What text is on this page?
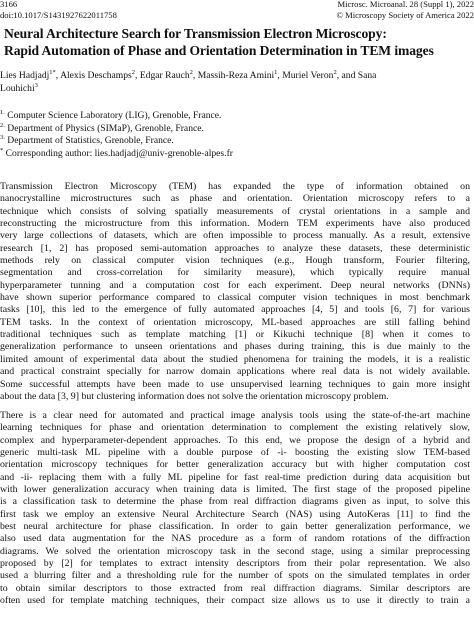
3166	Microsc. Microanal. 28 (Suppl 1), 2022
doi:10.1017/S1431927622011758	© Microscopy Society of America 2022
Neural Architecture Search for Transmission Electron Microscopy:
Rapid Automation of Phase and Orientation Determination in TEM images
Lies Hadjadj$^{1*}$, Alexis Deschamps$^2$, Edgar Rauch$^2$, Massih-Reza Amini$^1$, Muriel Veron$^2$, and Sana
Louhichi$^3$
$^{1.}$ Computer Science Laboratory (LIG), Grenoble, France.
$^{2.}$ Department of Physics (SIMaP), Grenoble, France.
$^{3.}$ Department of Statistics, Grenoble, France.
* Corresponding author: lies.hadjadj@univ-grenoble-alpes.fr
Transmission Electron Microscopy (TEM) has expanded the type of information obtained on
nanocrystalline microstructures such as phase and orientation. Orientation microscopy refers to a
technique which consists of solving spatially measurements of crystal orientations in a sample and
reconstructing the microstructure from this information. Modern TEM experiments have also produced
very large collections of datasets, which are often impossible to process manually. As a result, extensive
research [1, 2] has proposed semi-automation approaches to analyze these datasets, these deterministic
methods rely on classical computer vision techniques (e.g., Hough transform, Fourier filtering,
segmentation and cross-correlation for similarity measure), which typically require manual
hyperparameter tunning and a computation cost for each experiment. Deep neural networks (DNNs)
have shown superior performance compared to classical computer vision techniques in most benchmark
tasks [10], this led to the emergence of fully automated approaches [4, 5] and tools [6, 7] for various
TEM tasks. In the context of orientation microscopy, ML-based approaches are still falling behind
traditional techniques such as template matching [1] or Kikuchi technique [8] when it comes to
generalization performance to unseen orientations and phases during training, this is due mainly to the
limited amount of experimental data about the studied phenomena for training the models, it is a realistic
and practical constraint specially for narrow domain applications where real data is not widely available.
Some successful attempts have been made to use unsupervised learning techniques to gain more insight
about the data [3, 9] but clustering information does not solve the orientation microscopy problem.
There is a clear need for automated and practical image analysis tools using the state-of-the-art machine
learning techniques for phase and orientation determination to complement the existing relatively slow,
complex and hyperparameter-dependent approaches. To this end, we propose the design of a hybrid and
generic multi-task ML pipeline with a double purpose of -i- boosting the existing slow TEM-based
orientation microscopy techniques for better generalization accuracy but with higher computation cost
and -ii- replacing them with a fully ML pipeline for fast real-time prediction during data acquisition but
with lower generalization accuracy when training data is limited. The first stage of the proposed pipeline
is a classification task to determine the phase from real diffraction diagrams given as input, to solve this
first task we employ an extensive Neural Architecture Search (NAS) using AutoKeras [11] to find the
best neural architecture for phase classification. In order to gain better generalization performance, we
also used data augmentation for the NAS procedure as a form of random rotations of the diffraction
diagrams. We solved the orientation microscopy task in the second stage, using a similar preprocessing
proposed by [2] for templates to extract intensity descriptors from their polar representation. We also
used a blurring filter and a thresholding rule for the number of spots on the simulated templates in order
to obtain similar descriptors to those extracted from real diffraction diagrams. Similar descriptors are
often used for template matching techniques, their compact size allows us to use it directly to train a
